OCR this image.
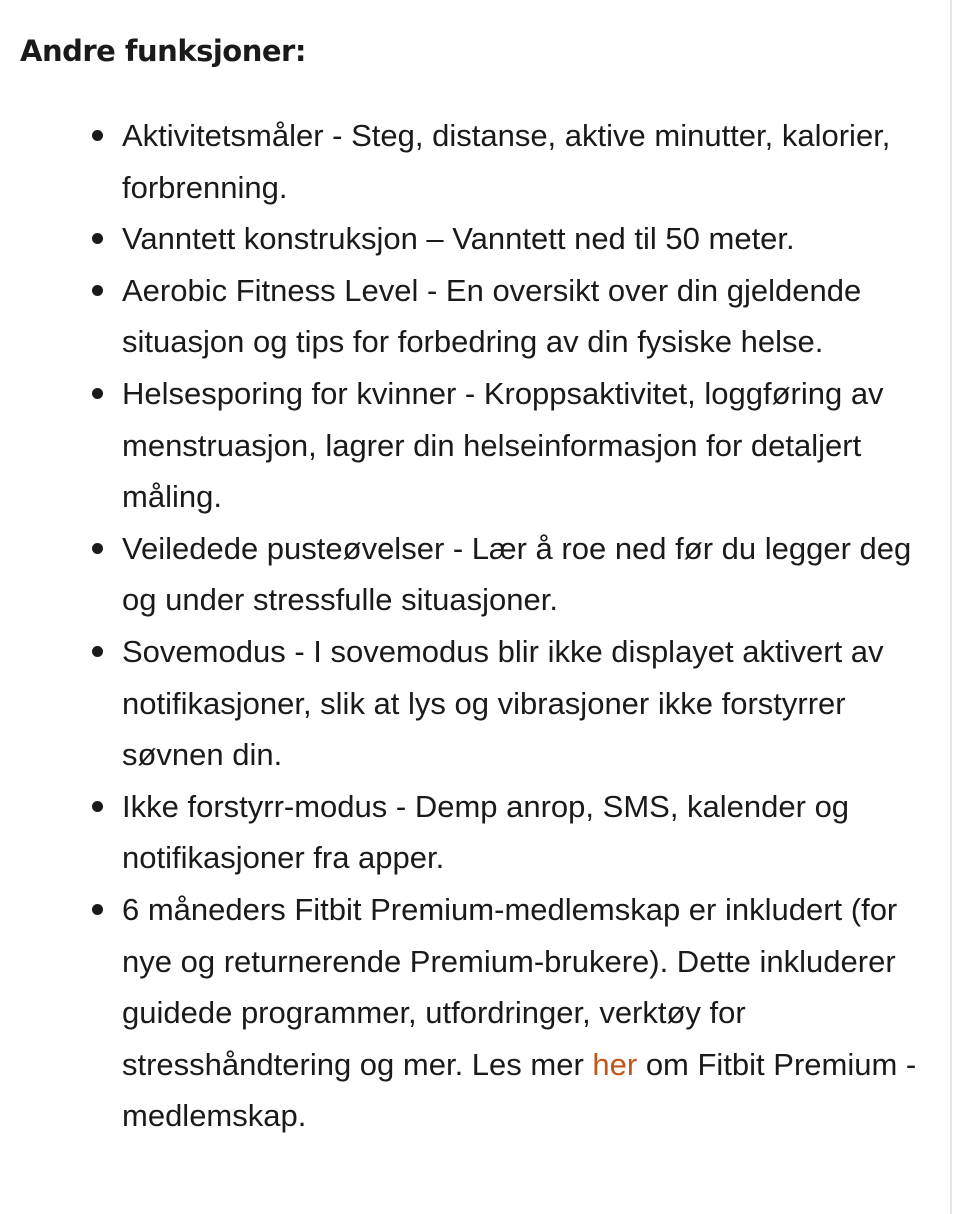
Andre funksjoner:
Aktivitetsmåler - Steg, distanse, aktive minutter, kalorier, forbrenning.
Vanntett konstruksjon – Vanntett ned til 50 meter.
Aerobic Fitness Level - En oversikt over din gjeldende situasjon og tips for forbedring av din fysiske helse.
Helsesporing for kvinner - Kroppsaktivitet, loggføring av menstruasjon, lagrer din helseinformasjon for detaljert måling.
Veiledede pusteøvelser - Lær å roe ned før du legger deg og under stressfulle situasjoner.
Sovemodus - I sovemodus blir ikke displayet aktivert av notifikasjoner, slik at lys og vibrasjoner ikke forstyrrer søvnen din.
Ikke forstyrr-modus - Demp anrop, SMS, kalender og notifikasjoner fra apper.
6 måneders Fitbit Premium-medlemskap er inkludert (for nye og returnerende Premium-brukere). Dette inkluderer guidede programmer, utfordringer, verktøy for stresshåndtering og mer. Les mer her om Fitbit Premium -medlemskap.
